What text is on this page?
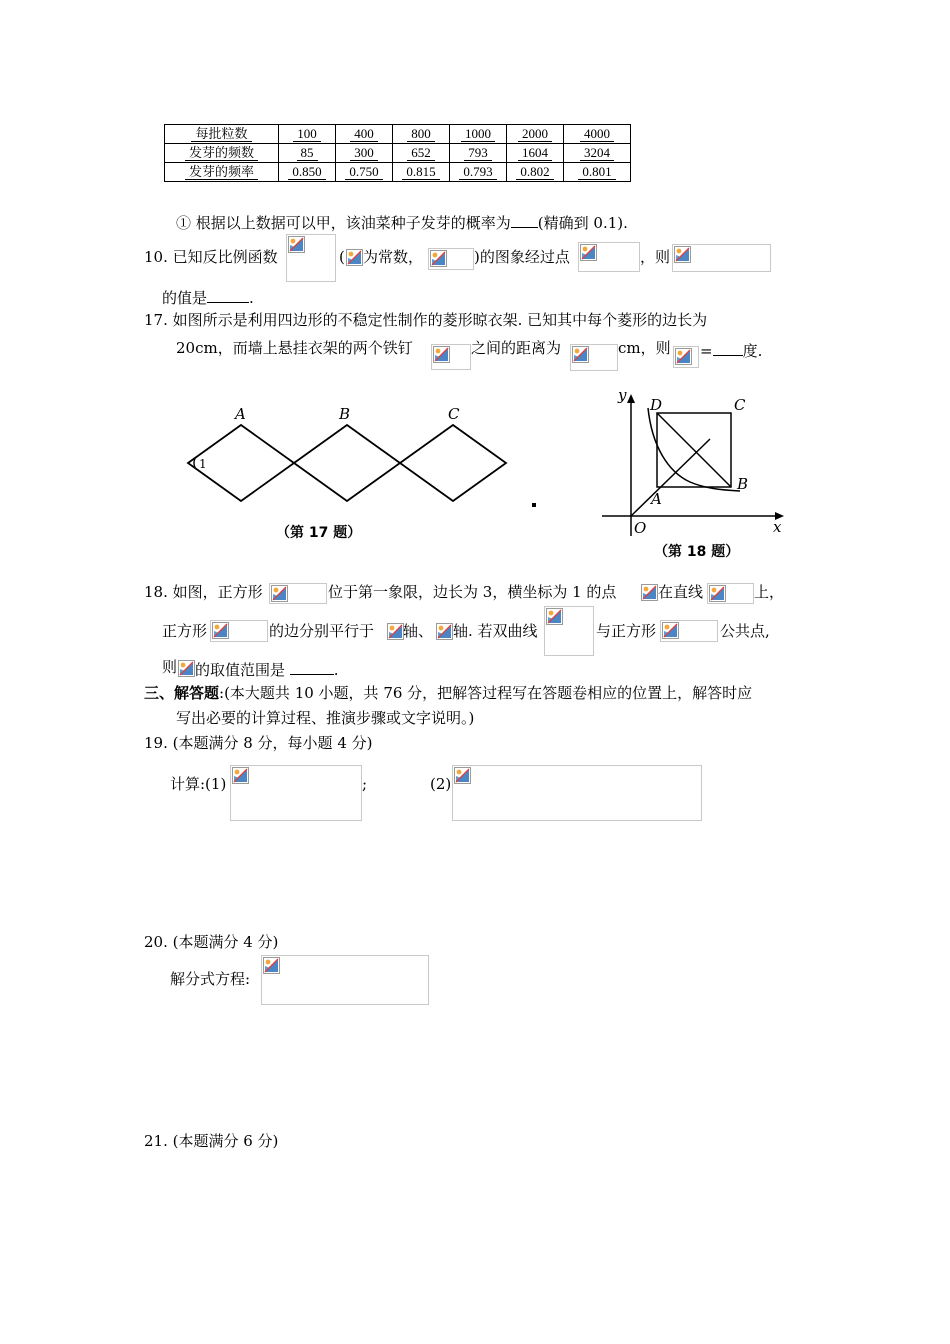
每批粒数	100	400	800	1000	2000	4000
发芽的频数	85	300	652	793	1604	3204
发芽的频率	0.850	0.750	0.815	0.793	0.802	0.801
① 根据以上数据可以甲，该油菜种子发芽的概率为 (精确到 0.1).
10. 已知反比例函数	( 为常数，	)的图象经过点	，则
的值是	.
17. 如图所示是利用四边形的不稳定性制作的菱形晾衣架. 已知其中每个菱形的边长为
20cm，而墙上悬挂衣架的两个铁钉	之间的距离为	cm，则 = 度.
A	B	C
1
（第 17 题）
y
x
O
A
B
C
D
（第 18 题）
18. 如图，正方形	位于第一象限，边长为 3，横坐标为 1 的点	在直线	上，
正方形	的边分别平行于 轴、 轴. 若双曲线	与正方形	公共点,
则 的取值范围是	.
三、解答题:(本大题共 10 小题，共 76 分，把解答过程写在答题卷相应的位置上，解答时应
写出必要的计算过程、推演步骤或文字说明。)
19. (本题满分 8 分，每小题 4 分)
计算:(1)	;	(2)
20. (本题满分 4 分)
解分式方程:
21. (本题满分 6 分)
